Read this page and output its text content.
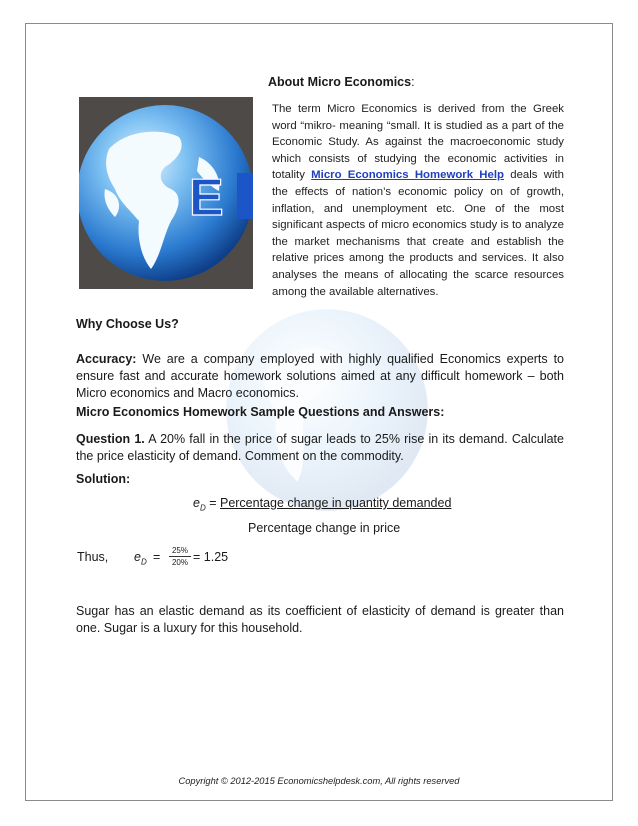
E

About Micro Economics:

The term Micro Economics is derived from the Greek word “mikro- meaning “small. It is studied as a part of the Economic Study. As against the macroeconomic study which consists of studying the economic activities in totality Micro Economics Homework Help deals with the effects of nation’s economic policy on of growth, inflation, and unemployment etc. One of the most significant aspects of micro economics study is to analyze the market mechanisms that create and establish the relative prices among the products and services. It also analyses the means of allocating the scarce resources among the available alternatives.

Why Choose Us?

Accuracy: We are a company employed with highly qualified Economics experts to ensure fast and accurate homework solutions aimed at any difficult homework – both Micro economics and Macro economics.

Micro Economics Homework Sample Questions and Answers:

Question 1. A 20% fall in the price of sugar leads to 25% rise in its demand. Calculate the price elasticity of demand. Comment on the commodity.

Solution:

$e_D$ = Percentage change in quantity demanded

Percentage change in price

Thus, $e_D = \frac{25\%}{20\%} = 1.25$

Sugar has an elastic demand as its coefficient of elasticity of demand is greater than one. Sugar is a luxury for this household.

Copyright © 2012-2015 Economicshelpdesk.com, All rights reserved
